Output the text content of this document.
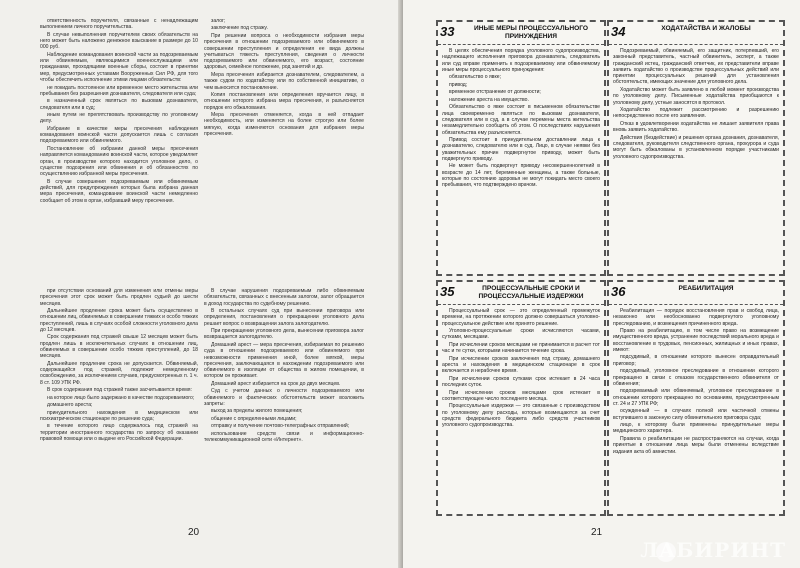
ответственность поручителя, связанные с ненадлежащим выполнением личного поручительства.

В случае невыполнения поручителем своих обязательств на него может быть наложено денежное взыскание в размере до 10 000 руб.

Наблюдение командования воинской части за подозреваемым или обвиняемым, являющимися военнослужащими или гражданами, проходящими военные сборы, состоит в принятии мер, предусмотренных уставами Вооруженных Сил РФ, для того чтобы обеспечить исполнение этими лицами обязательств:

не покидать постоянное или временное место жительства или пребывания без разрешения дознавателя, следователя или суда;

в назначенный срок являться по вызовам дознавателя, следователя или в суд;

иным путем не препятствовать производству по уголовному делу.

Избрание в качестве меры пресечения наблюдения командования воинской части допускается лишь с согласия подозреваемого или обвиняемого.

Постановление об избрании данной меры пресечения направляется командованию воинской части, которое уведомляет орган, в производстве которого находится уголовное дело, о существе подозрения или обвинения и об обязанностях по осуществлению избранной меры пресечения.

В случае совершения подозреваемым или обвиняемым действий, для предупреждения которых была избрана данная мера пресечения, командование воинской части немедленно сообщает об этом в орган, избравший меру пресечения.

залог;

заключение под стражу.

При решении вопроса о необходимости избрания меры пресечения в отношении подозреваемого или обвиняемого в совершении преступления и определения ее вида должны учитываться тяжесть преступления, сведения о личности подозреваемого или обвиняемого, его возраст, состояние здоровья, семейное положение, род занятий и др.

Мера пресечения избирается дознавателем, следователем, а также судом по ходатайству или по собственной инициативе, о чем выносится постановление.

Копия постановления или определения вручается лицу, в отношении которого избрана мера пресечения, и разъясняется порядок его обжалования.

Мера пресечения отменяется, когда в ней отпадает необходимость, или изменяется на более строгую или более мягкую, когда изменяются основания для избрания меры пресечения.

при отсутствии оснований для изменения или отмены меры пресечения этот срок может быть продлен судьей до шести месяцев.

Дальнейшее продление срока может быть осуществлено в отношении лиц, обвиняемых в совершении тяжких и особо тяжких преступлений, лишь в случаях особой сложности уголовного дела до 12 месяцев.

Срок содержания под стражей свыше 12 месяцев может быть продлен лишь в исключительных случаях в отношении лиц, обвиняемых в совершении особо тяжких преступлений, до 18 месяцев.

Дальнейшее продление срока не допускается. Обвиняемый, содержащийся под стражей, подлежит немедленному освобождению, за исключением случаев, предусмотренных п. 1 ч. 8 ст. 109 УПК РФ.

В срок содержания под стражей также засчитывается время:

на которое лицо было задержано в качестве подозреваемого;

домашнего ареста;

принудительного нахождения в медицинском или психиатрическом стационаре по решению суда;

в течение которого лицо содержалось под стражей на территории иностранного государства по запросу об оказании правовой помощи или о выдаче его Российской Федерации.

В случае нарушения подозреваемым либо обвиняемым обязательств, связанных с внесенным залогом, залог обращается в доход государства по судебному решению.

В остальных случаях суд при вынесении приговора или определения, постановления о прекращении уголовного дела решает вопрос о возвращении залога залогодателю.

При прекращении уголовного дела, вынесении приговора залог возвращается залогодателю.

Домашний арест — мера пресечения, избираемая по решению суда в отношении подозреваемого или обвиняемого при невозможности применения иной, более мягкой, меры пресечения, заключающаяся в нахождении подозреваемого или обвиняемого в изоляции от общества в жилом помещении, в котором он проживает.

Домашний арест избирается на срок до двух месяцев.

Суд с учетом данных о личности подозреваемого или обвиняемого и фактических обстоятельств может возложить запреты:

выход за пределы жилого помещения;

общение с определенными лицами;

отправку и получение почтово-телеграфных отправлений;

использование средств связи и информационно-телекоммуникационной сети «Интернет».

20
33	ИНЫЕ МЕРЫ ПРОЦЕССУАЛЬНОГО ПРИНУЖДЕНИЯ

В целях обеспечения порядка уголовного судопроизводства, надлежащего исполнения приговора дознаватель, следователь или суд вправе применить к подозреваемому или обвиняемому иные меры процессуального принуждения:

обязательство о явке;

привод;

временное отстранение от должности;

наложение ареста на имущество.

Обязательство о явке состоит в письменном обязательстве лица своевременно являться по вызовам дознавателя, следователя или в суд, а в случае перемены места жительства незамедлительно сообщить об этом. О последствиях нарушения обязательства ему разъясняется.

Привод состоит в принудительном доставлении лица к дознавателю, следователю или в суд. Лицо, в случае неявки без уважительных причин подвергнутое приводу, может быть подвергнуто приводу.

Не может быть подвергнут приводу несовершеннолетний в возрасте до 14 лет, беременные женщины, а также больные, которые по состоянию здоровья не могут покидать место своего пребывания, что подтверждено врачом.

34	ХОДАТАЙСТВА И ЖАЛОБЫ

Подозреваемый, обвиняемый, его защитник, потерпевший, его законный представитель, частный обвинитель, эксперт, а также гражданский истец, гражданский ответчик, их представители вправе заявить ходатайство о производстве процессуальных действий или принятии процессуальных решений для установления обстоятельств, имеющих значение для уголовного дела.

Ходатайство может быть заявлено в любой момент производства по уголовному делу. Письменные ходатайства приобщаются к уголовному делу, устные заносятся в протокол.

Ходатайство подлежит рассмотрению и разрешению непосредственно после его заявления.

Отказ в удовлетворении ходатайства не лишает заявителя права вновь заявить ходатайство.

Действия (бездействие) и решения органа дознания, дознавателя, следователя, руководителя следственного органа, прокурора и суда могут быть обжалованы в установленном порядке участниками уголовного судопроизводства.

35	ПРОЦЕССУАЛЬНЫЕ СРОКИ И ПРОЦЕССУАЛЬНЫЕ ИЗДЕРЖКИ

Процессуальный срок — это определенный промежуток времени, на протяжении которого должно совершаться уголовно-процессуальное действие или принято решение.

Уголовно-процессуальные сроки исчисляются часами, сутками, месяцами.

При исчислении сроков месяцами не принимается в расчет тот час и те сутки, которыми начинается течение срока.

При исчислении сроков заключения под стражу, домашнего ареста и нахождения в медицинском стационаре в срок включается и нерабочее время.

При исчислении сроков сутками срок истекает в 24 часа последних суток.

При исчислении сроков месяцами срок истекает в соответствующее число последнего месяца.

Процессуальные издержки — это связанные с производством по уголовному делу расходы, которые возмещаются за счет средств федерального бюджета либо средств участников уголовного судопроизводства.

36	РЕАБИЛИТАЦИЯ

Реабилитация — порядок восстановления прав и свобод лица, незаконно или необоснованно подвергнутого уголовному преследованию, и возмещения причиненного вреда.

Право на реабилитацию, в том числе право на возмещение имущественного вреда, устранение последствий морального вреда и восстановление в трудовых, пенсионных, жилищных и иных правах, имеют:

подсудимый, в отношении которого вынесен оправдательный приговор;

подсудимый, уголовное преследование в отношении которого прекращено в связи с отказом государственного обвинителя от обвинения;

подозреваемый или обвиняемый, уголовное преследование в отношении которого прекращено по основаниям, предусмотренным ст. 24 и 27 УПК РФ;

осужденный — в случаях полной или частичной отмены вступившего в законную силу обвинительного приговора суда;

лицо, к которому были применены принудительные меры медицинского характера.

Правила о реабилитации не распространяются на случаи, когда принятые в отношении лица меры были отменены вследствие издания акта об амнистии.

21
ЛАБИРИНТ
